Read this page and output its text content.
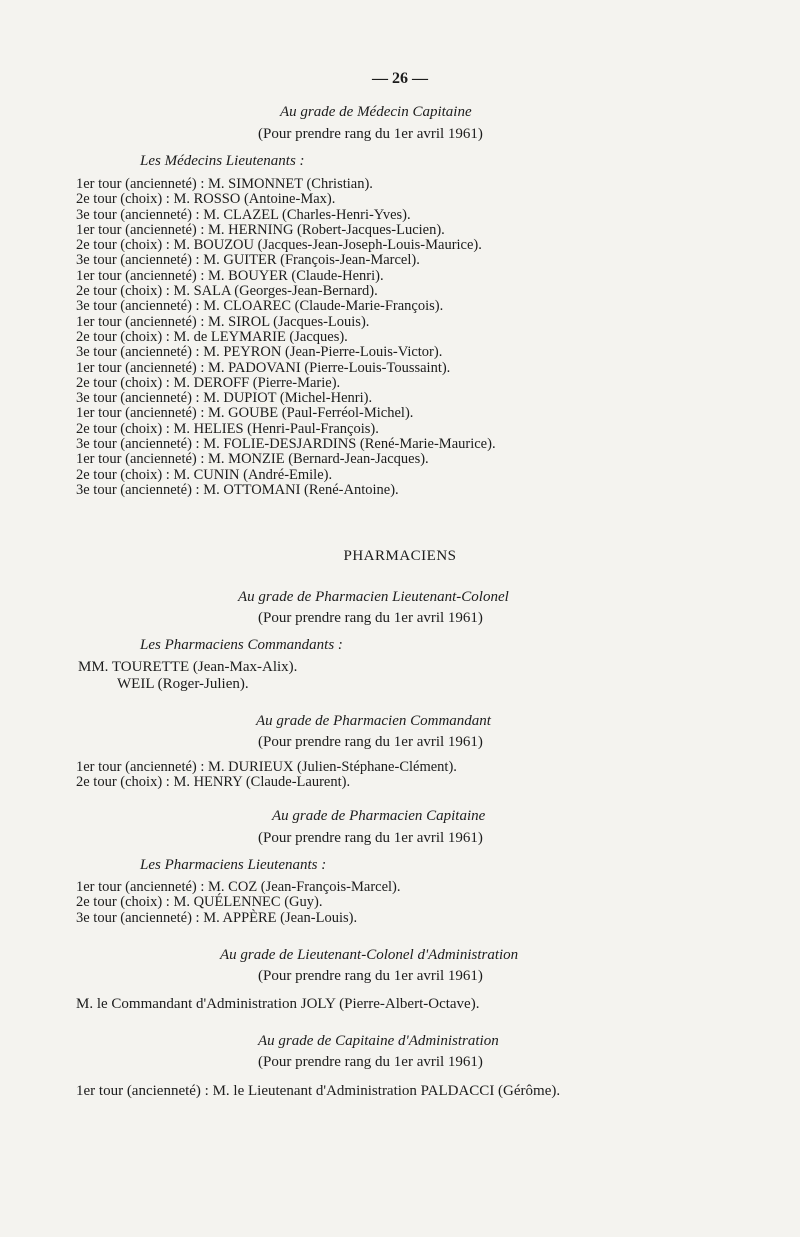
— 26 —
Au grade de Médecin Capitaine
(Pour prendre rang du 1er avril 1961)
Les Médecins Lieutenants :
1er tour (ancienneté) : M. SIMONNET (Christian).
2e tour (choix) : M. ROSSO (Antoine-Max).
3e tour (ancienneté) : M. CLAZEL (Charles-Henri-Yves).
1er tour (ancienneté) : M. HERNING (Robert-Jacques-Lucien).
2e tour (choix) : M. BOUZOU (Jacques-Jean-Joseph-Louis-Maurice).
3e tour (ancienneté) : M. GUITER (François-Jean-Marcel).
1er tour (ancienneté) : M. BOUYER (Claude-Henri).
2e tour (choix) : M. SALA (Georges-Jean-Bernard).
3e tour (ancienneté) : M. CLOAREC (Claude-Marie-François).
1er tour (ancienneté) : M. SIROL (Jacques-Louis).
2e tour (choix) : M. de LEYMARIE (Jacques).
3e tour (ancienneté) : M. PEYRON (Jean-Pierre-Louis-Victor).
1er tour (ancienneté) : M. PADOVANI (Pierre-Louis-Toussaint).
2e tour (choix) : M. DEROFF (Pierre-Marie).
3e tour (ancienneté) : M. DUPIOT (Michel-Henri).
1er tour (ancienneté) : M. GOUBE (Paul-Ferréol-Michel).
2e tour (choix) : M. HELIES (Henri-Paul-François).
3e tour (ancienneté) : M. FOLIE-DESJARDINS (René-Marie-Maurice).
1er tour (ancienneté) : M. MONZIE (Bernard-Jean-Jacques).
2e tour (choix) : M. CUNIN (André-Emile).
3e tour (ancienneté) : M. OTTOMANI (René-Antoine).
PHARMACIENS
Au grade de Pharmacien Lieutenant-Colonel
(Pour prendre rang du 1er avril 1961)
Les Pharmaciens Commandants :
MM. TOURETTE (Jean-Max-Alix).
WEIL (Roger-Julien).
Au grade de Pharmacien Commandant
(Pour prendre rang du 1er avril 1961)
1er tour (ancienneté) : M. DURIEUX (Julien-Stéphane-Clément).
2e tour (choix) : M. HENRY (Claude-Laurent).
Au grade de Pharmacien Capitaine
(Pour prendre rang du 1er avril 1961)
Les Pharmaciens Lieutenants :
1er tour (ancienneté) : M. COZ (Jean-François-Marcel).
2e tour (choix) : M. QUÉLENNEC (Guy).
3e tour (ancienneté) : M. APPÈRE (Jean-Louis).
Au grade de Lieutenant-Colonel d'Administration
(Pour prendre rang du 1er avril 1961)
M. le Commandant d'Administration JOLY (Pierre-Albert-Octave).
Au grade de Capitaine d'Administration
(Pour prendre rang du 1er avril 1961)
1er tour (ancienneté) : M. le Lieutenant d'Administration PALDACCI (Gérôme).
